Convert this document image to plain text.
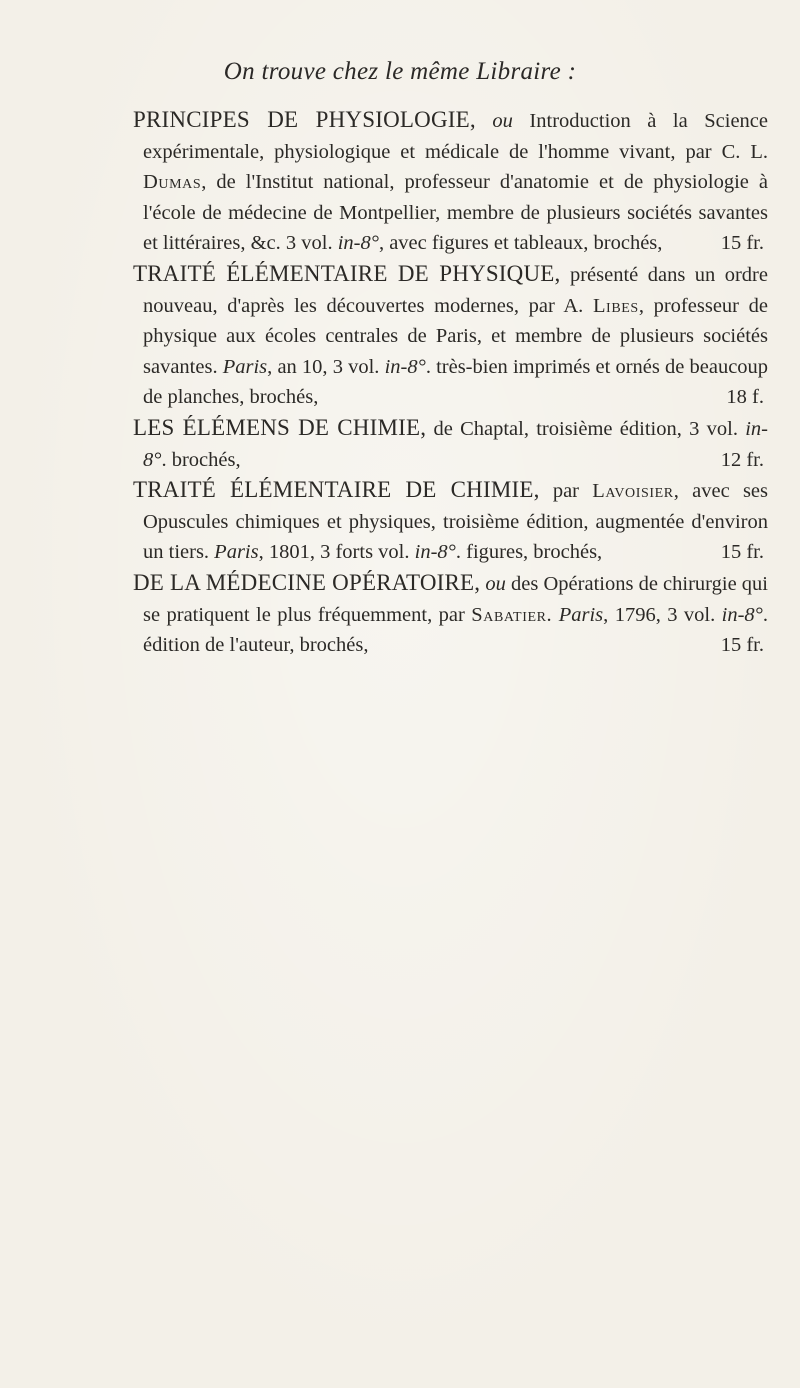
On trouve chez le même Libraire :

PRINCIPES DE PHYSIOLOGIE, ou Introduction à la Science expérimentale, physiologique et médicale de l'homme vivant, par C. L. Dumas, de l'Institut national, professeur d'anatomie et de physiologie à l'école de médecine de Montpellier, membre de plusieurs sociétés savantes et littéraires, &c. 3 vol. in-8°, avec figures et tableaux, brochés,	15 fr.

TRAITÉ ÉLÉMENTAIRE DE PHYSIQUE, présenté dans un ordre nouveau, d'après les découvertes modernes, par A. Libes, professeur de physique aux écoles centrales de Paris, et membre de plusieurs sociétés savantes. Paris, an 10, 3 vol. in-8°. très-bien imprimés et ornés de beaucoup de planches, brochés,	18 f.

LES ÉLÉMENS DE CHIMIE, de Chaptal, troisième édition, 3 vol. in-8°. brochés,	12 fr.

TRAITÉ ÉLÉMENTAIRE DE CHIMIE, par Lavoisier, avec ses Opuscules chimiques et physiques, troisième édition, augmentée d'environ un tiers. Paris, 1801, 3 forts vol. in-8°. figures, brochés,	15 fr.

DE LA MÉDECINE OPÉRATOIRE, ou des Opérations de chirurgie qui se pratiquent le plus fréquemment, par Sabatier. Paris, 1796, 3 vol. in-8°. édition de l'auteur, brochés,	15 fr.
